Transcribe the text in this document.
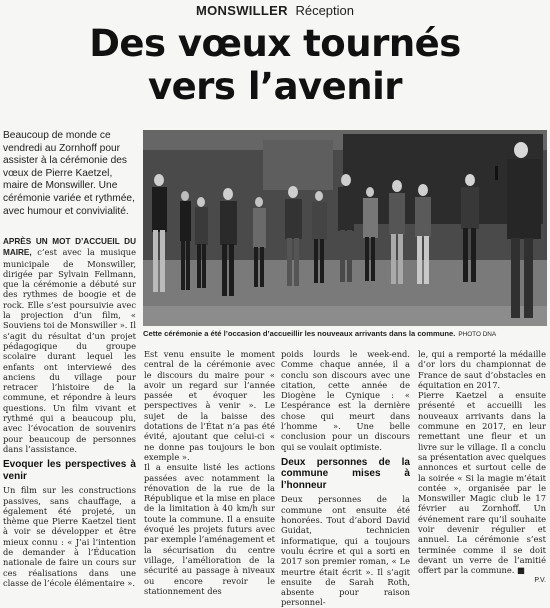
MONSWILLER Réception
Des vœux tournés
vers l’avenir

Beaucoup de monde ce vendredi au Zornhoff pour assister à la cérémonie des vœux de Pierre Kaetzel, maire de Monswiller. Une cérémonie variée et rythmée, avec humour et convivialité.

Cette cérémonie a été l’occasion d’accueillir les nouveaux arrivants dans la commune. PHOTO DNA

APRÈS UN MOT D’ACCUEIL DU MAIRE, c’est avec la musique municipale de Monswiller, dirigée par Sylvain Fellmann, que la cérémonie a débuté sur des rythmes de boogie et de rock. Elle s’est poursuivie avec la projection d’un film, « Souviens toi de Monswiller ». Il s’agit du résultat d’un projet pédagogique du groupe scolaire durant lequel les enfants ont interviewé des anciens du village pour retracer l’histoire de la commune, et répondre à leurs questions. Un film vivant et rythmé qui a beaucoup plu, avec l’évocation de souvenirs pour beaucoup de personnes dans l’assistance.

Evoquer les perspectives à venir

Un film sur les constructions passives, sans chauffage, a également été projeté, un thème que Pierre Kaetzel tient à voir se développer et être mieux connu : « J’ai l’intention de demander à l’Éducation nationale de faire un cours sur ces réalisations dans une classe de l’école élémentaire ».

Est venu ensuite le moment central de la cérémonie avec le discours du maire pour « avoir un regard sur l’année passée et évoquer les perspectives à venir ». Le sujet de la baisse des dotations de l’État n’a pas été évité, ajoutant que celui-ci « ne donne pas toujours le bon exemple ».

Il a ensuite listé les actions passées avec notamment la rénovation de la rue de la République et la mise en place de la limitation à 40 km/h sur toute la commune. Il a ensuite évoqué les projets futurs avec par exemple l’aménagement et la sécurisation du centre village, l’amélioration de la sécurité au passage à niveaux ou encore revoir le stationnement des

poids lourds le week-end. Comme chaque année, il a conclu son discours avec une citation, cette année de Diogène le Cynique : « L’espérance est la dernière chose qui meurt dans l’homme ». Une belle conclusion pour un discours qui se voulait optimiste.

Deux personnes de la commune mises à l’honneur

Deux personnes de la commune ont ensuite été honorées. Tout d’abord David Guidat, technicien informatique, qui a toujours voulu écrire et qui a sorti en 2017 son premier roman, « Le meurtre était écrit ». Il s’agit ensuite de Sarah Roth, absente pour raison personnel-

le, qui a remporté la médaille d’or lors du championnat de France de saut d’obstacles en équitation en 2017.

Pierre Kaetzel a ensuite présenté et accueilli les nouveaux arrivants dans la commune en 2017, en leur remettant une fleur et un livre sur le village. Il a conclu sa présentation avec quelques annonces et surtout celle de la soirée « Si la magie m’était contée », organisée par le Monswiller Magic club le 17 février au Zornhoff. Un événement rare qu’il souhaite voir devenir régulier et annuel. La cérémonie s’est terminée comme il se doit devant un verre de l’amitié offert par la commune. ■

P.V.
